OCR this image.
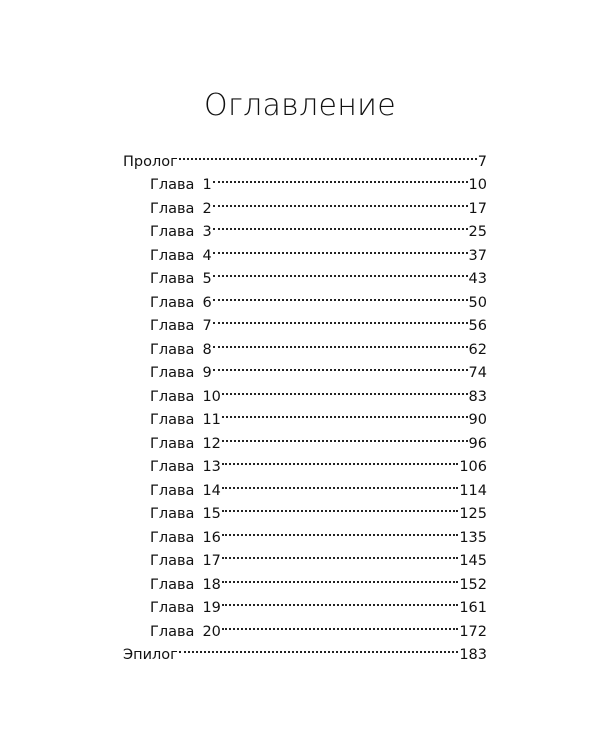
Оглавление
Пролог	7
Глава 1	10
Глава 2	17
Глава 3	25
Глава 4	37
Глава 5	43
Глава 6	50
Глава 7	56
Глава 8	62
Глава 9	74
Глава 10	83
Глава 11	90
Глава 12	96
Глава 13	106
Глава 14	114
Глава 15	125
Глава 16	135
Глава 17	145
Глава 18	152
Глава 19	161
Глава 20	172
Эпилог	183
